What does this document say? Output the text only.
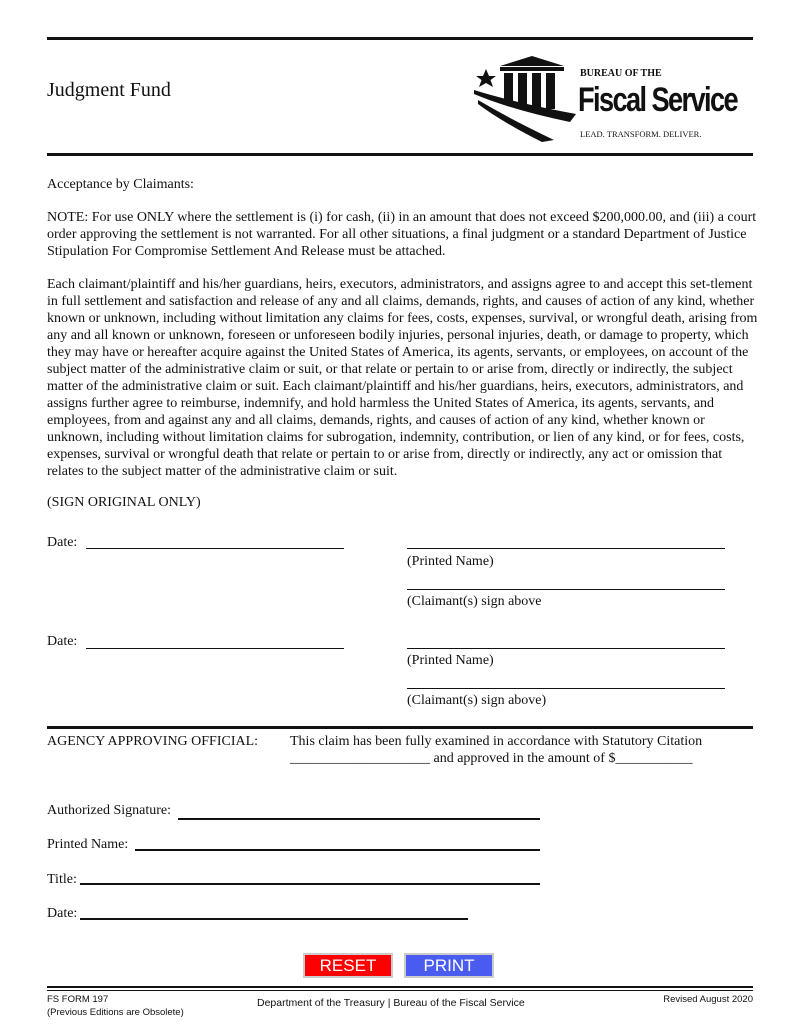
Judgment Fund
BUREAU OF THE
Fiscal Service
LEAD. TRANSFORM. DELIVER.

Acceptance by Claimants:

NOTE: For use ONLY where the settlement is (i) for cash, (ii) in an amount that does not exceed $200,000.00, and (iii) a court order approving the settlement is not warranted. For all other situations, a final judgment or a standard Department of Justice Stipulation For Compromise Settlement And Release must be attached.

Each claimant/plaintiff and his/her guardians, heirs, executors, administrators, and assigns agree to and accept this set-tlement in full settlement and satisfaction and release of any and all claims, demands, rights, and causes of action of any kind, whether known or unknown, including without limitation any claims for fees, costs, expenses, survival, or wrongful death, arising from any and all known or unknown, foreseen or unforeseen bodily injuries, personal injuries, death, or damage to property, which they may have or hereafter acquire against the United States of America, its agents, servants, or employees, on account of the subject matter of the administrative claim or suit, or that relate or pertain to or arise from, directly or indirectly, the subject matter of the administrative claim or suit. Each claimant/plaintiff and his/her guardians, heirs, executors, administrators, and assigns further agree to reimburse, indemnify, and hold harmless the United States of America, its agents, servants, and employees, from and against any and all claims, demands, rights, and causes of action of any kind, whether known or unknown, including without limitation claims for subrogation, indemnity, contribution, or lien of any kind, or for fees, costs, expenses, survival or wrongful death that relate or pertain to or arise from, directly or indirectly, any act or omission that relates to the subject matter of the administrative claim or suit.

(SIGN ORIGINAL ONLY)

Date:
(Printed Name)
(Claimant(s) sign above
Date:
(Printed Name)
(Claimant(s) sign above)
AGENCY APPROVING OFFICIAL: This claim has been fully examined in accordance with Statutory Citation
____________________ and approved in the amount of $___________
Authorized Signature:
Printed Name:
Title:
Date:
RESET	PRINT
FS FORM 197
(Previous Editions are Obsolete)
Department of the Treasury | Bureau of the Fiscal Service	Revised August 2020
